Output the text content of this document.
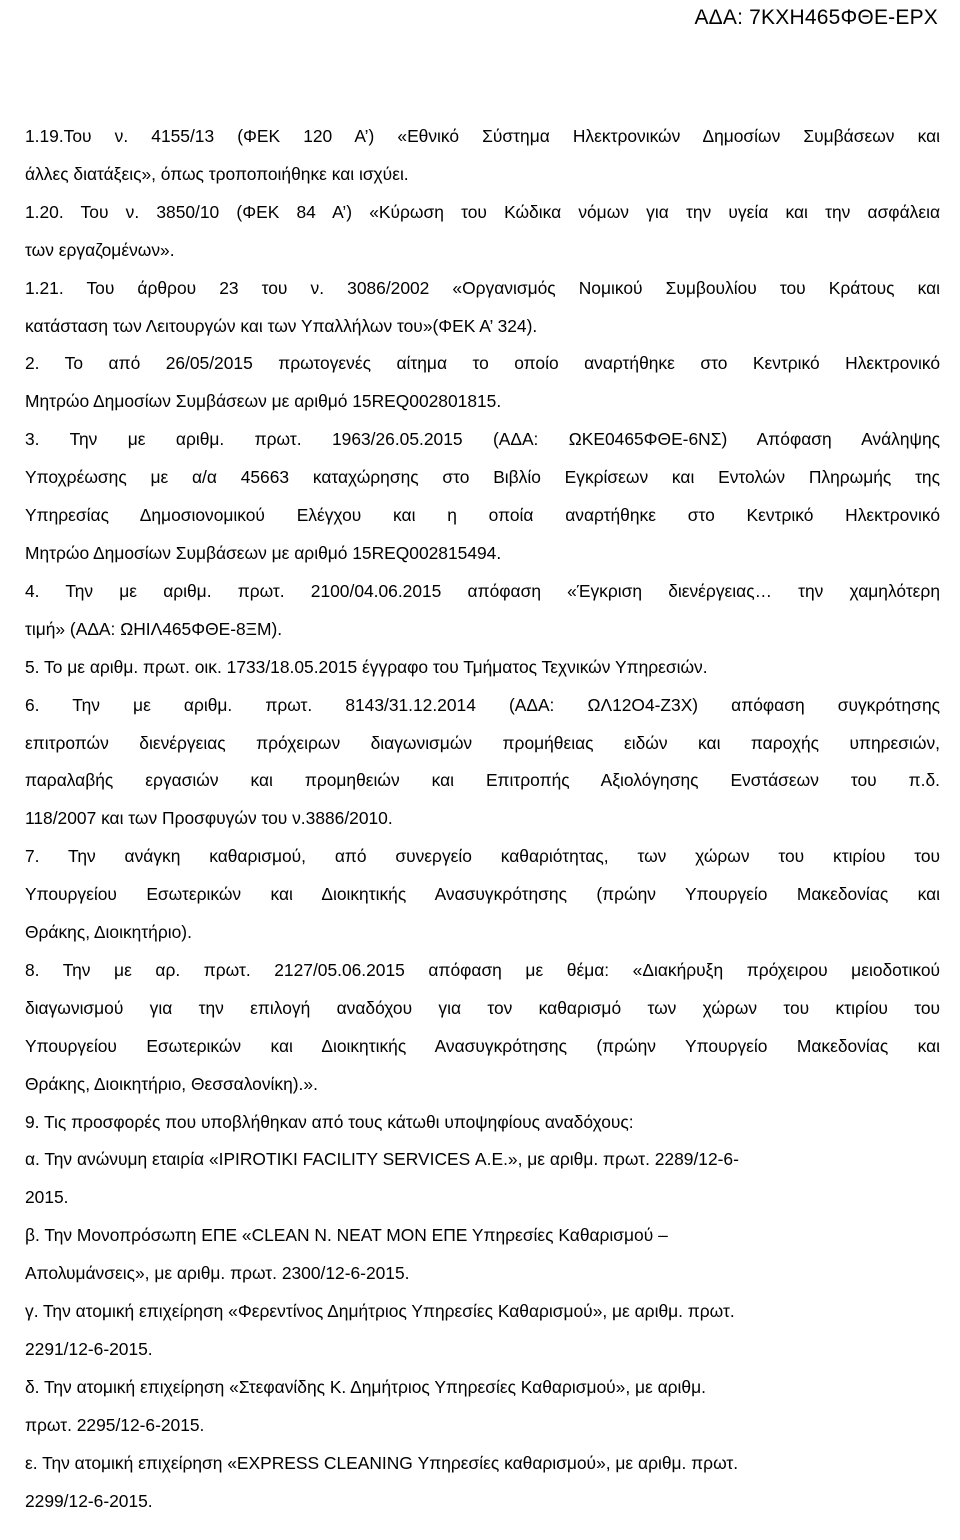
ΑΔΑ: 7ΚΧΗ465ΦΘΕ-ΕΡΧ

1.19.Του ν. 4155/13 (ΦΕΚ 120 Α’) «Εθνικό Σύστημα Ηλεκτρονικών Δημοσίων Συμβάσεων και

άλλες διατάξεις», όπως τροποποιήθηκε και ισχύει.

1.20. Του ν. 3850/10 (ΦΕΚ 84 Α’) «Κύρωση του Κώδικα νόμων για την υγεία και την ασφάλεια

των εργαζομένων».

1.21. Του άρθρου 23 του ν. 3086/2002 «Οργανισμός Νομικού Συμβουλίου του Κράτους και

κατάσταση των Λειτουργών και των Υπαλλήλων του»(ΦΕΚ Α’ 324).

2. Το από 26/05/2015 πρωτογενές αίτημα το οποίο αναρτήθηκε στο Κεντρικό Ηλεκτρονικό

Μητρώο Δημοσίων Συμβάσεων με αριθμό 15REQ002801815.

3. Την με αριθμ. πρωτ. 1963/26.05.2015 (ΑΔΑ: ΩΚΕ0465ΦΘΕ-6ΝΣ) Απόφαση Ανάληψης

Υποχρέωσης με α/α 45663 καταχώρησης στο Βιβλίο Εγκρίσεων και Εντολών Πληρωμής της

Υπηρεσίας Δημοσιονομικού Ελέγχου και η οποία αναρτήθηκε στο Κεντρικό Ηλεκτρονικό

Μητρώο Δημοσίων Συμβάσεων με αριθμό 15REQ002815494.

4. Την με αριθμ. πρωτ. 2100/04.06.2015 απόφαση «Έγκριση διενέργειας… την χαμηλότερη

τιμή» (ΑΔΑ: ΩΗΙΛ465ΦΘΕ-8ΞΜ).

5. Το με αριθμ. πρωτ. οικ. 1733/18.05.2015 έγγραφο του Τμήματος Τεχνικών Υπηρεσιών.

6. Την με αριθμ. πρωτ. 8143/31.12.2014 (ΑΔΑ: ΩΛ12Ο4-Ζ3Χ) απόφαση συγκρότησης

επιτροπών διενέργειας πρόχειρων διαγωνισμών προμήθειας ειδών και παροχής υπηρεσιών,

παραλαβής εργασιών και προμηθειών και Επιτροπής Αξιολόγησης Ενστάσεων του π.δ.

118/2007 και των Προσφυγών του ν.3886/2010.

7. Την ανάγκη καθαρισμού, από συνεργείο καθαριότητας, των χώρων του κτιρίου του

Υπουργείου Εσωτερικών και Διοικητικής Ανασυγκρότησης (πρώην Υπουργείο Μακεδονίας και

Θράκης, Διοικητήριο).

8. Την με αρ. πρωτ. 2127/05.06.2015 απόφαση με θέμα: «Διακήρυξη πρόχειρου μειοδοτικού

διαγωνισμού για την επιλογή αναδόχου για τον καθαρισμό των χώρων του κτιρίου του

Υπουργείου Εσωτερικών και Διοικητικής Ανασυγκρότησης (πρώην Υπουργείο Μακεδονίας και

Θράκης, Διοικητήριο, Θεσσαλονίκη).».

9. Τις προσφορές που υποβλήθηκαν από τους κάτωθι υποψηφίους αναδόχους:

α. Την ανώνυμη εταιρία «IPIROTIKI FACILITY SERVICES Α.Ε.», με αριθμ. πρωτ. 2289/12-6-

2015.

β. Την Μονοπρόσωπη ΕΠΕ «CLEAN N. NEAT MON ΕΠΕ Υπηρεσίες Καθαρισμού –

Απολυμάνσεις», με αριθμ. πρωτ. 2300/12-6-2015.

γ. Την ατομική επιχείρηση «Φερεντίνος Δημήτριος Υπηρεσίες Καθαρισμού», με αριθμ. πρωτ.

2291/12-6-2015.

δ. Την ατομική επιχείρηση «Στεφανίδης Κ. Δημήτριος Υπηρεσίες Καθαρισμού», με αριθμ.

πρωτ. 2295/12-6-2015.

ε. Την ατομική επιχείρηση «EXPRESS CLEANING Υπηρεσίες καθαρισμού», με αριθμ. πρωτ.

2299/12-6-2015.
